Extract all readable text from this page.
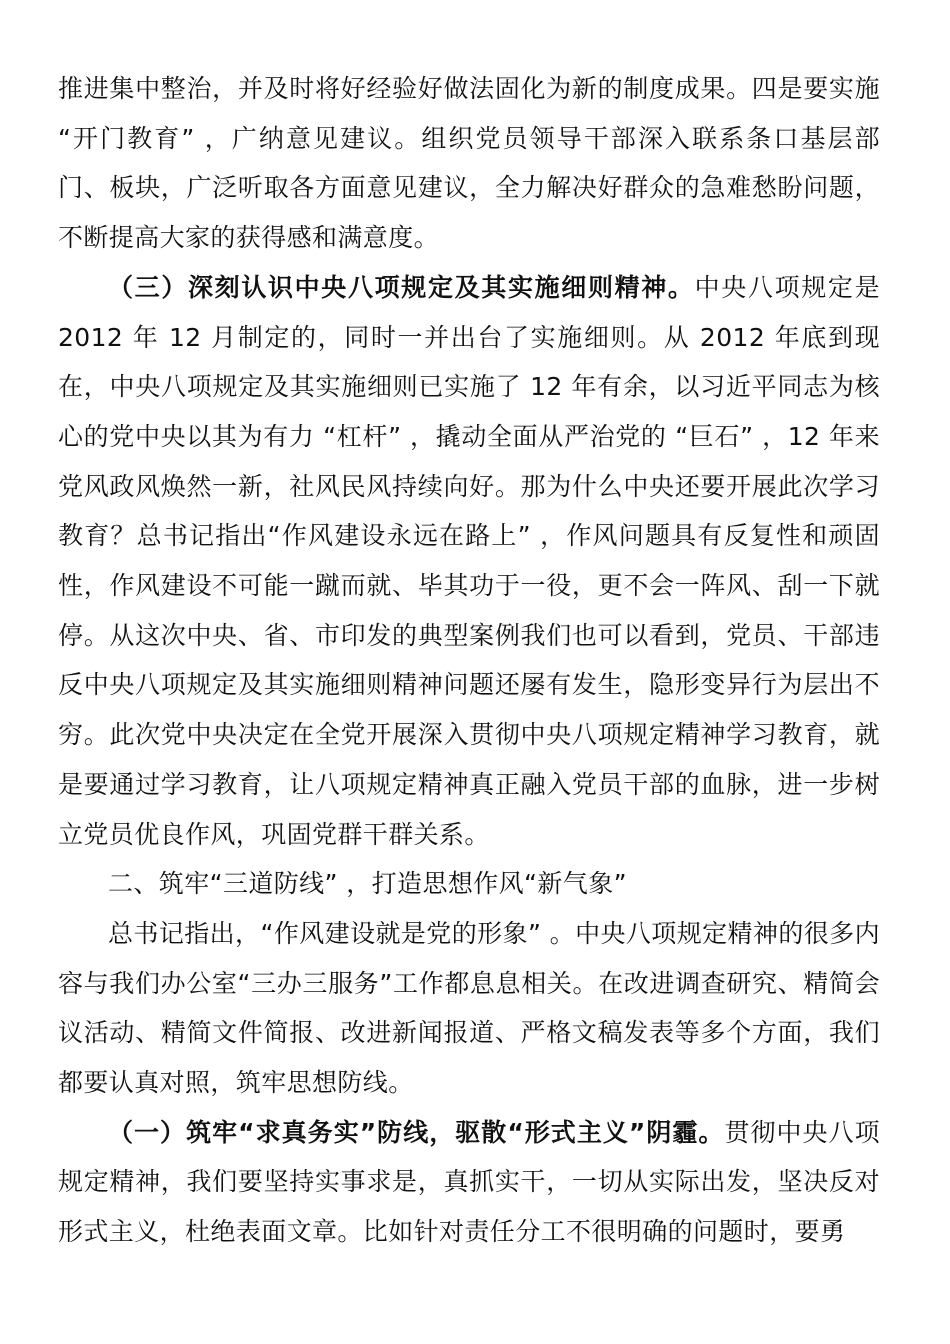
推进集中整治，并及时将好经验好做法固化为新的制度成果。四是要实施 “开门教育” ，广纳意见建议。组织党员领导干部深入联系条口基层部门、板块，广泛听取各方面意见建议，全力解决好群众的急难愁盼问题，不断提高大家的获得感和满意度。

（三）深刻认识中央八项规定及其实施细则精神。中央八项规定是 2012 年 12 月制定的，同时一并出台了实施细则。从 2012 年底到现在，中央八项规定及其实施细则已实施了 12 年有余，以习近平同志为核心的党中央以其为有力 “杠杆” ，撬动全面从严治党的 “巨石” ，12 年来党风政风焕然一新，社风民风持续向好。那为什么中央还要开展此次学习教育？总书记指出“作风建设永远在路上” ，作风问题具有反复性和顽固性，作风建设不可能一蹴而就、毕其功于一役，更不会一阵风、刮一下就停。从这次中央、省、市印发的典型案例我们也可以看到，党员、干部违反中央八项规定及其实施细则精神问题还屡有发生，隐形变异行为层出不穷。此次党中央决定在全党开展深入贯彻中央八项规定精神学习教育，就是要通过学习教育，让八项规定精神真正融入党员干部的血脉，进一步树立党员优良作风，巩固党群干群关系。

二、筑牢“三道防线” ，打造思想作风“新气象”

总书记指出，“作风建设就是党的形象” 。中央八项规定精神的很多内容与我们办公室“三办三服务”工作都息息相关。在改进调查研究、精简会议活动、精简文件简报、改进新闻报道、严格文稿发表等多个方面，我们都要认真对照，筑牢思想防线。

（一）筑牢“求真务实”防线，驱散“形式主义”阴霾。贯彻中央八项规定精神，我们要坚持实事求是，真抓实干，一切从实际出发，坚决反对形式主义，杜绝表面文章。比如针对责任分工不很明确的问题时，要勇
